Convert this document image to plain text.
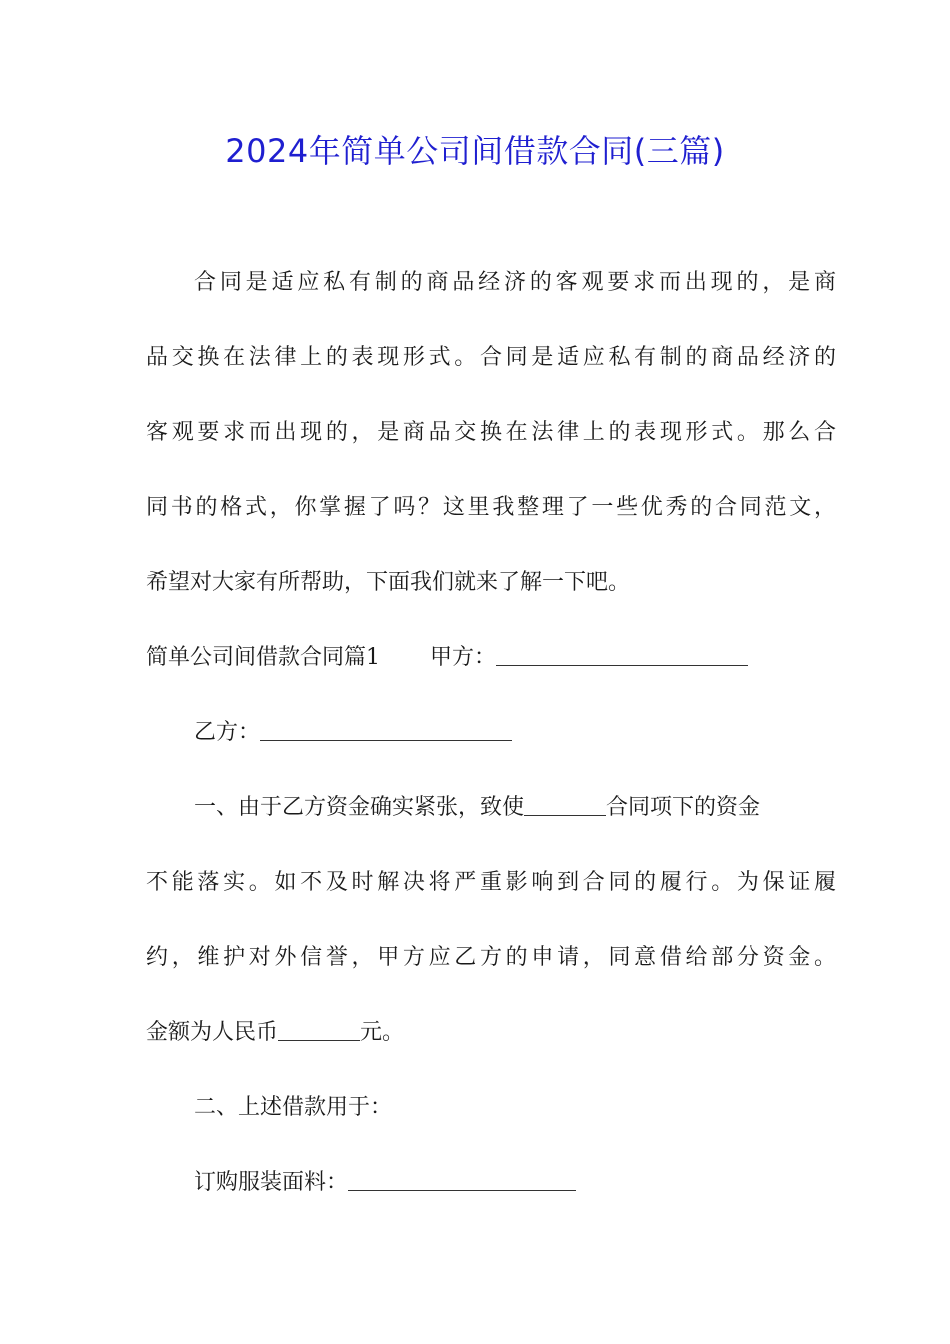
2024年简单公司间借款合同(三篇)

合同是适应私有制的商品经济的客观要求而出现的，是商

品交换在法律上的表现形式。合同是适应私有制的商品经济的

客观要求而出现的，是商品交换在法律上的表现形式。那么合

同书的格式，你掌握了吗？这里我整理了一些优秀的合同范文，

希望对大家有所帮助，下面我们就来了解一下吧。

简单公司间借款合同篇1 甲方：

乙方：

一、由于乙方资金确实紧张，致使	合同项下的资金

不能落实。如不及时解决将严重影响到合同的履行。为保证履

约，维护对外信誉，甲方应乙方的申请，同意借给部分资金。

金额为人民币	元。

二、上述借款用于：

订购服装面料：
